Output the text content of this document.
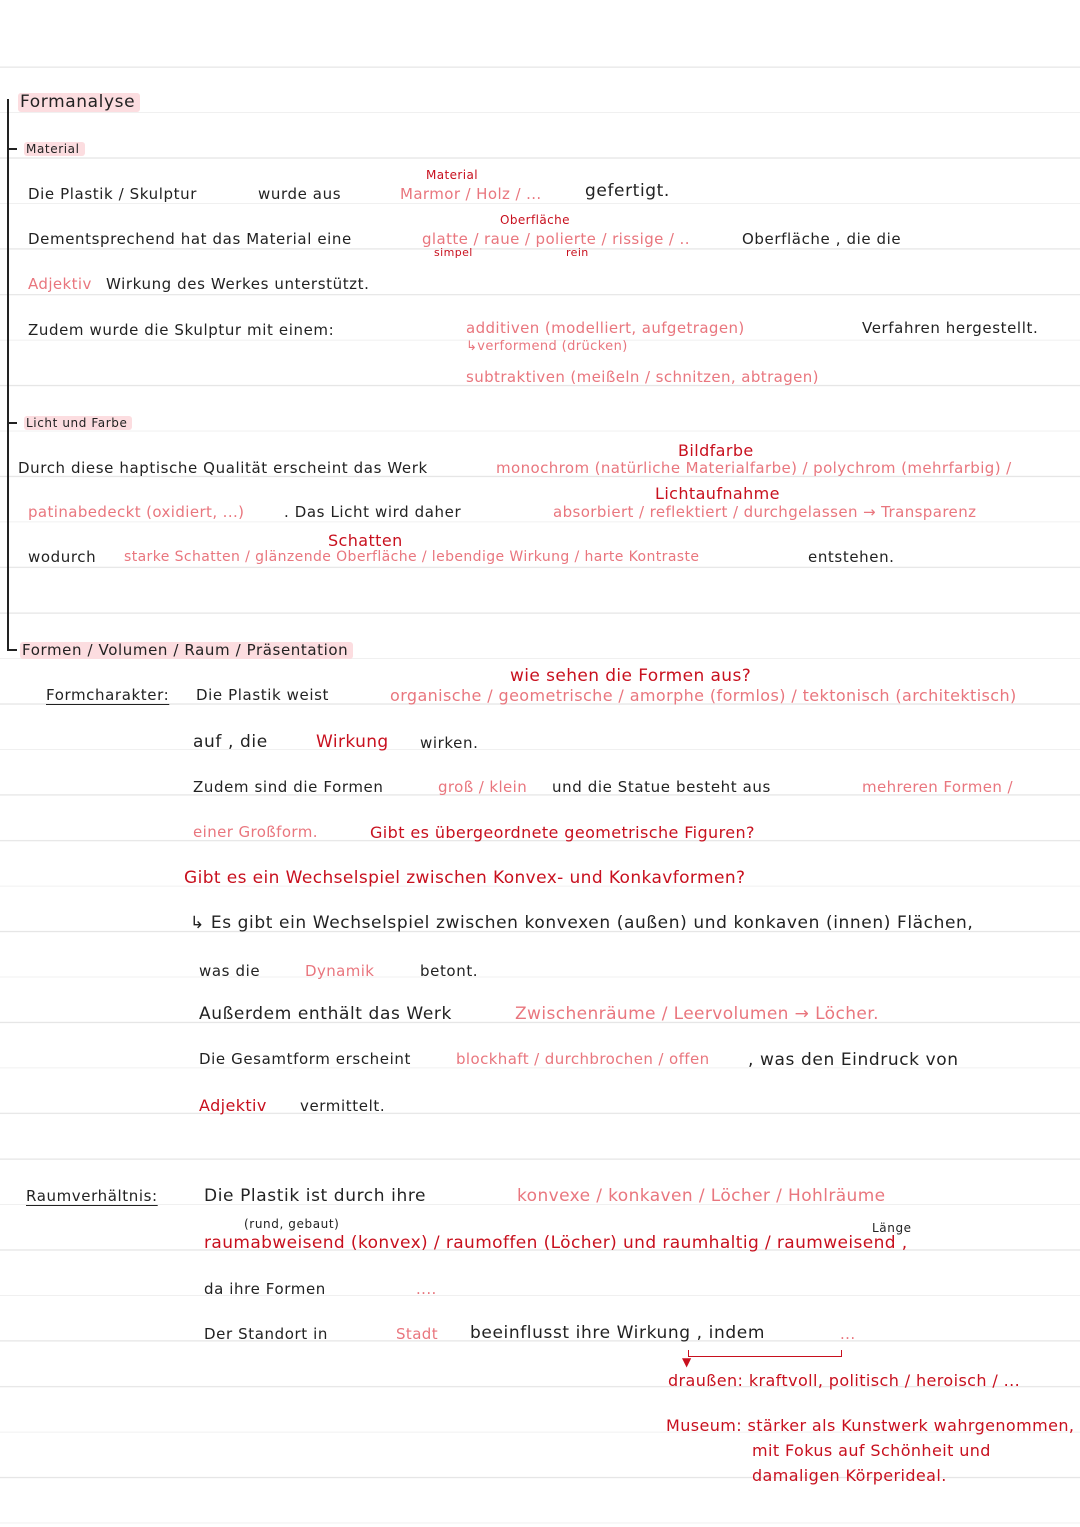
Formanalyse
Material
Licht und Farbe
Formen / Volumen / Raum / Präsentation
Material
Die Plastik / Skulptur	wurde aus	Marmor / Holz / ...	gefertigt.
Oberfläche
Dementsprechend hat das Material eine	glatte / raue / polierte / rissige / ..
simpel	rein
Oberfläche , die die
Adjektiv Wirkung des Werkes unterstützt.
Zudem wurde die Skulptur mit einem:	additiven (modelliert, aufgetragen)	Verfahren hergestellt.
↳verformend (drücken)
subtraktiven (meißeln / schnitzen, abtragen)
Bildfarbe
Durch diese haptische Qualität erscheint das Werk	monochrom (natürliche Materialfarbe) / polychrom (mehrfarbig) /
Lichtaufnahme
patinabedeckt (oxidiert, ...)	. Das Licht wird daher	absorbiert / reflektiert / durchgelassen → Transparenz
Schatten
wodurch starke Schatten / glänzende Oberfläche / lebendige Wirkung / harte Kontraste	entstehen.
wie sehen die Formen aus?
Formcharakter: Die Plastik weist	organische / geometrische / amorphe (formlos) / tektonisch (architektisch)
auf , die	Wirkung wirken.
Zudem sind die Formen	groß / klein und die Statue besteht aus	mehreren Formen /
einer Großform.	Gibt es übergeordnete geometrische Figuren?
Gibt es ein Wechselspiel zwischen Konvex- und Konkavformen?
↳ Es gibt ein Wechselspiel zwischen konvexen (außen) und konkaven (innen) Flächen,
was die	Dynamik	betont.
Außerdem enthält das Werk	Zwischenräume / Leervolumen → Löcher.
Die Gesamtform erscheint	blockhaft / durchbrochen / offen , was den Eindruck von
Adjektiv vermittelt.
Raumverhältnis:	Die Plastik ist durch ihre	konvexe / konkaven / Löcher / Hohlräume
(rund, gebaut)	Länge
raumabweisend (konvex) / raumoffen (Löcher) und raumhaltig / raumweisend ,
da ihre Formen	....
Der Standort in	Stadt beeinflusst ihre Wirkung , indem	...
▼
draußen: kraftvoll, politisch / heroisch / ...
Museum: stärker als Kunstwerk wahrgenommen,
mit Fokus auf Schönheit und
damaligen Körperideal.
